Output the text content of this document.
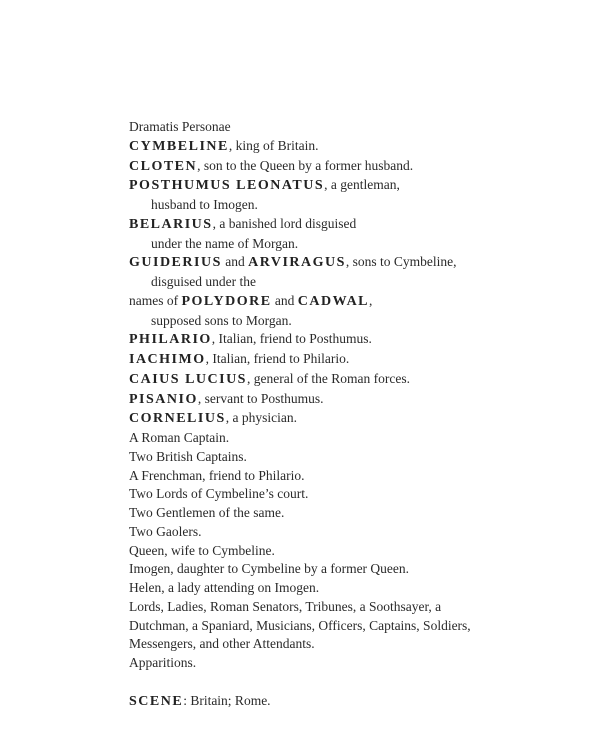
Dramatis Personae
CYMBELINE, king of Britain.
CLOTEN, son to the Queen by a former husband.
POSTHUMUS LEONATUS, a gentleman,
husband to Imogen.
BELARIUS, a banished lord disguised
under the name of Morgan.
GUIDERIUS and ARVIRAGUS, sons to Cymbeline,
disguised under the
names of POLYDORE and CADWAL,
supposed sons to Morgan.
PHILARIO, Italian, friend to Posthumus.
IACHIMO, Italian, friend to Philario.
CAIUS LUCIUS, general of the Roman forces.
PISANIO, servant to Posthumus.
CORNELIUS, a physician.
A Roman Captain.
Two British Captains.
A Frenchman, friend to Philario.
Two Lords of Cymbeline’s court.
Two Gentlemen of the same.
Two Gaolers.
Queen, wife to Cymbeline.
Imogen, daughter to Cymbeline by a former Queen.
Helen, a lady attending on Imogen.
Lords, Ladies, Roman Senators, Tribunes, a Soothsayer, a
Dutchman, a Spaniard, Musicians, Officers, Captains, Soldiers,
Messengers, and other Attendants.
Apparitions.
SCENE: Britain; Rome.
